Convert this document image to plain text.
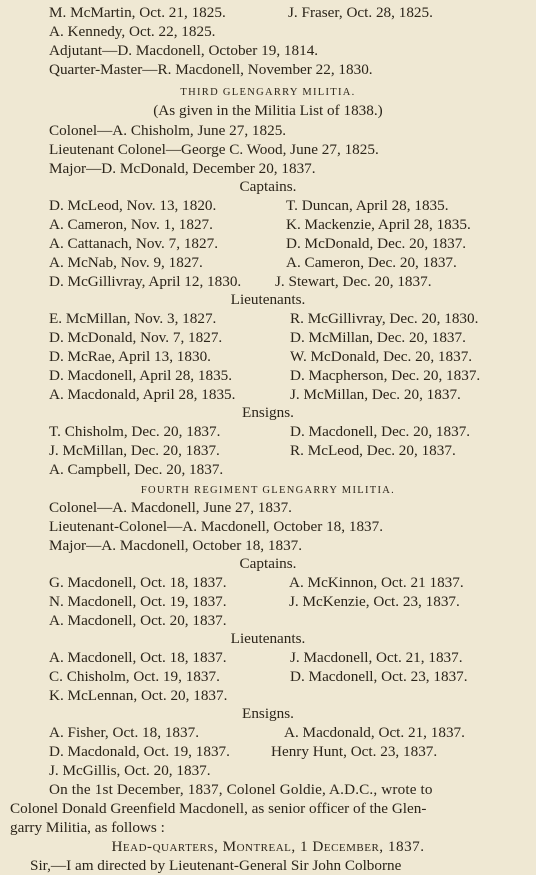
M. McMartin, Oct. 21, 1825.	J. Fraser, Oct. 28, 1825.
A. Kennedy, Oct. 22, 1825.
Adjutant—D. Macdonell, October 19, 1814.
Quarter-Master—R. Macdonell, November 22, 1830.
THIRD GLENGARRY MILITIA.
(As given in the Militia List of 1838.)
Colonel—A. Chisholm, June 27, 1825.
Lieutenant Colonel—George C. Wood, June 27, 1825.
Major—D. McDonald, December 20, 1837.
Captains.
D. McLeod, Nov. 13, 1820.	T. Duncan, April 28, 1835.
A. Cameron, Nov. 1, 1827.	K. Mackenzie, April 28, 1835.
A. Cattanach, Nov. 7, 1827.	D. McDonald, Dec. 20, 1837.
A. McNab, Nov. 9, 1827.	A. Cameron, Dec. 20, 1837.
D. McGillivray, April 12, 1830. J. Stewart, Dec. 20, 1837.
Lieutenants.
E. McMillan, Nov. 3, 1827.	R. McGillivray, Dec. 20, 1830.
D. McDonald, Nov. 7, 1827.	D. McMillan, Dec. 20, 1837.
D. McRae, April 13, 1830.	W. McDonald, Dec. 20, 1837.
D. Macdonell, April 28, 1835.	D. Macpherson, Dec. 20, 1837.
A. Macdonald, April 28, 1835.	J. McMillan, Dec. 20, 1837.
Ensigns.
T. Chisholm, Dec. 20, 1837.	D. Macdonell, Dec. 20, 1837.
J. McMillan, Dec. 20, 1837.	R. McLeod, Dec. 20, 1837.
A. Campbell, Dec. 20, 1837.
FOURTH REGIMENT GLENGARRY MILITIA.
Colonel—A. Macdonell, June 27, 1837.
Lieutenant-Colonel—A. Macdonell, October 18, 1837.
Major—A. Macdonell, October 18, 1837.
Captains.
G. Macdonell, Oct. 18, 1837.	A. McKinnon, Oct. 21 1837.
N. Macdonell, Oct. 19, 1837.	J. McKenzie, Oct. 23, 1837.
A. Macdonell, Oct. 20, 1837.
Lieutenants.
A. Macdonell, Oct. 18, 1837.	J. Macdonell, Oct. 21, 1837.
C. Chisholm, Oct. 19, 1837.	D. Macdonell, Oct. 23, 1837.
K. McLennan, Oct. 20, 1837.
Ensigns.
A. Fisher, Oct. 18, 1837.	A. Macdonald, Oct. 21, 1837.
D. Macdonald, Oct. 19, 1837.	Henry Hunt, Oct. 23, 1837.
J. McGillis, Oct. 20, 1837.
On the 1st December, 1837, Colonel Goldie, A.D.C., wrote to
Colonel Donald Greenfield Macdonell, as senior officer of the Glen-
garry Militia, as follows :
Head-quarters, Montreal, 1 December, 1837.
Sir,—I am directed by Lieutenant-General Sir John Colborne
